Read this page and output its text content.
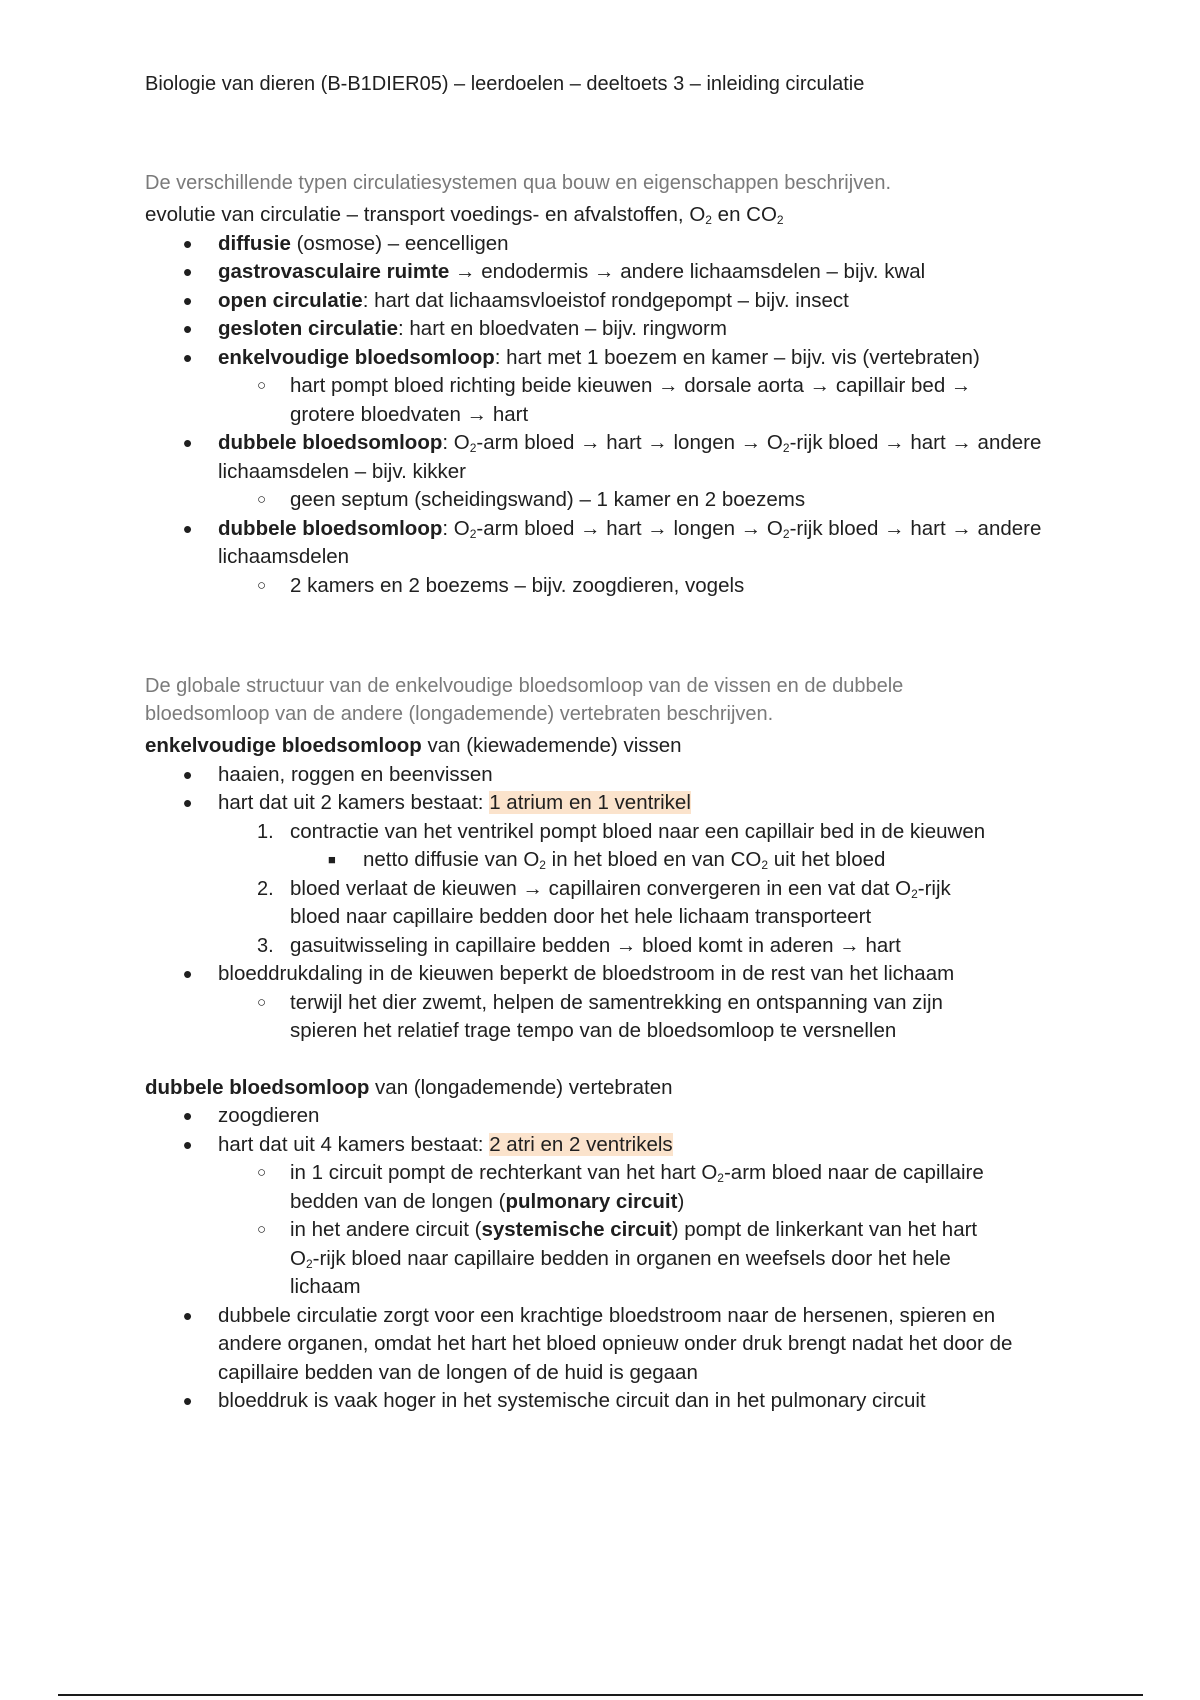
Biologie van dieren (B-B1DIER05) – leerdoelen – deeltoets 3 – inleiding circulatie

De verschillende typen circulatiesystemen qua bouw en eigenschappen beschrijven.

evolutie van circulatie – transport voedings- en afvalstoffen, $O_2$ en $CO_2$

• diffusie (osmose) – eencelligen
• gastrovasculaire ruimte → endodermis → andere lichaamsdelen – bijv. kwal
• open circulatie: hart dat lichaamsvloeistof rondgepompt – bijv. insect
• gesloten circulatie: hart en bloedvaten – bijv. ringworm
• enkelvoudige bloedsomloop: hart met 1 boezem en kamer – bijv. vis (vertebraten)
○ hart pompt bloed richting beide kieuwen → dorsale aorta → capillair bed → grotere bloedvaten → hart
• dubbele bloedsomloop: $O_2$-arm bloed → hart → longen → $O_2$-rijk bloed → hart → andere lichaamsdelen – bijv. kikker
○ geen septum (scheidingswand) – 1 kamer en 2 boezems
• dubbele bloedsomloop: $O_2$-arm bloed → hart → longen → $O_2$-rijk bloed → hart → andere lichaamsdelen
○ 2 kamers en 2 boezems – bijv. zoogdieren, vogels

De globale structuur van de enkelvoudige bloedsomloop van de vissen en de dubbele bloedsomloop van de andere (longademende) vertebraten beschrijven.

enkelvoudige bloedsomloop van (kiewademende) vissen

• haaien, roggen en beenvissen
• hart dat uit 2 kamers bestaat: 1 atrium en 1 ventrikel
1. contractie van het ventrikel pompt bloed naar een capillair bed in de kieuwen
■ netto diffusie van $O_2$ in het bloed en van $CO_2$ uit het bloed
2. bloed verlaat de kieuwen → capillairen convergeren in een vat dat $O_2$-rijk bloed naar capillaire bedden door het hele lichaam transporteert
3. gasuitwisseling in capillaire bedden → bloed komt in aderen → hart
• bloeddrukdaling in de kieuwen beperkt de bloedstroom in de rest van het lichaam
○ terwijl het dier zwemt, helpen de samentrekking en ontspanning van zijn spieren het relatief trage tempo van de bloedsomloop te versnellen

dubbele bloedsomloop van (longademende) vertebraten

• zoogdieren
• hart dat uit 4 kamers bestaat: 2 atri en 2 ventrikels
○ in 1 circuit pompt de rechterkant van het hart $O_2$-arm bloed naar de capillaire bedden van de longen (pulmonary circuit)
○ in het andere circuit (systemische circuit) pompt de linkerkant van het hart $O_2$-rijk bloed naar capillaire bedden in organen en weefsels door het hele lichaam
• dubbele circulatie zorgt voor een krachtige bloedstroom naar de hersenen, spieren en andere organen, omdat het hart het bloed opnieuw onder druk brengt nadat het door de capillaire bedden van de longen of de huid is gegaan
• bloeddruk is vaak hoger in het systemische circuit dan in het pulmonary circuit
